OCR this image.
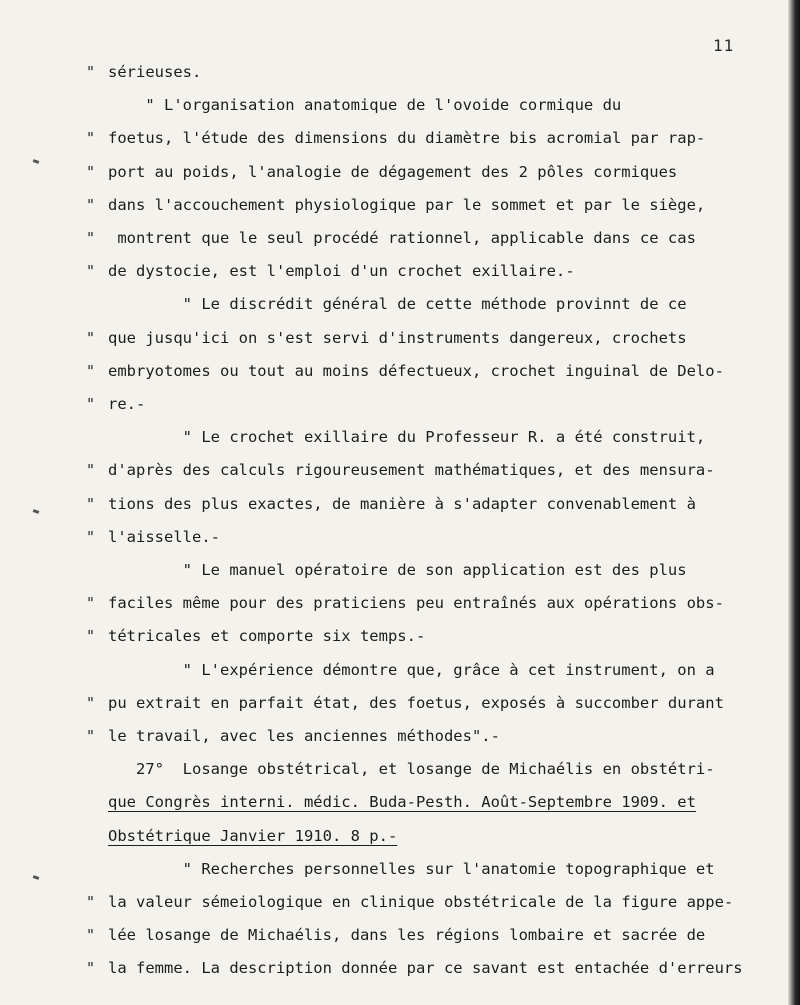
11
" sérieuses.
" L'organisation anatomique de l'ovoide cormique du
" foetus, l'étude des dimensions du diamètre bis acromial par rap-
" port au poids, l'analogie de dégagement des 2 pôles cormiques
" dans l'accouchement physiologique par le sommet et par le siège,
" montrent que le seul procédé rationnel, applicable dans ce cas
" de dystocie, est l'emploi d'un crochet exillaire.-
" Le discrédit général de cette méthode provinnt de ce
" que jusqu'ici on s'est servi d'instruments dangereux, crochets
" embryotomes ou tout au moins défectueux, crochet inguinal de Delo-
" re.-
" Le crochet exillaire du Professeur R. a été construit,
" d'après des calculs rigoureusement mathématiques, et des mensura-
" tions des plus exactes, de manière à s'adapter convenablement à
" l'aisselle.-
" Le manuel opératoire de son application est des plus
" faciles même pour des praticiens peu entraînés aux opérations obs-
" tétricales et comporte six temps.-
" L'expérience démontre que, grâce à cet instrument, on a
" pu extrait en parfait état, des foetus, exposés à succomber durant
" le travail, avec les anciennes méthodes".-
27°  Losange obstétrical, et losange de Michaélis en obstétri-
que Congrès interni. médic. Buda-Pesth. Août-Septembre 1909. et
Obstétrique Janvier 1910. 8 p.-
" Recherches personnelles sur l'anatomie topographique et
" la valeur sémeiologique en clinique obstétricale de la figure appe-
" lée losange de Michaélis, dans les régions lombaire et sacrée de
" la femme. La description donnée par ce savant est entachée d'erreurs
